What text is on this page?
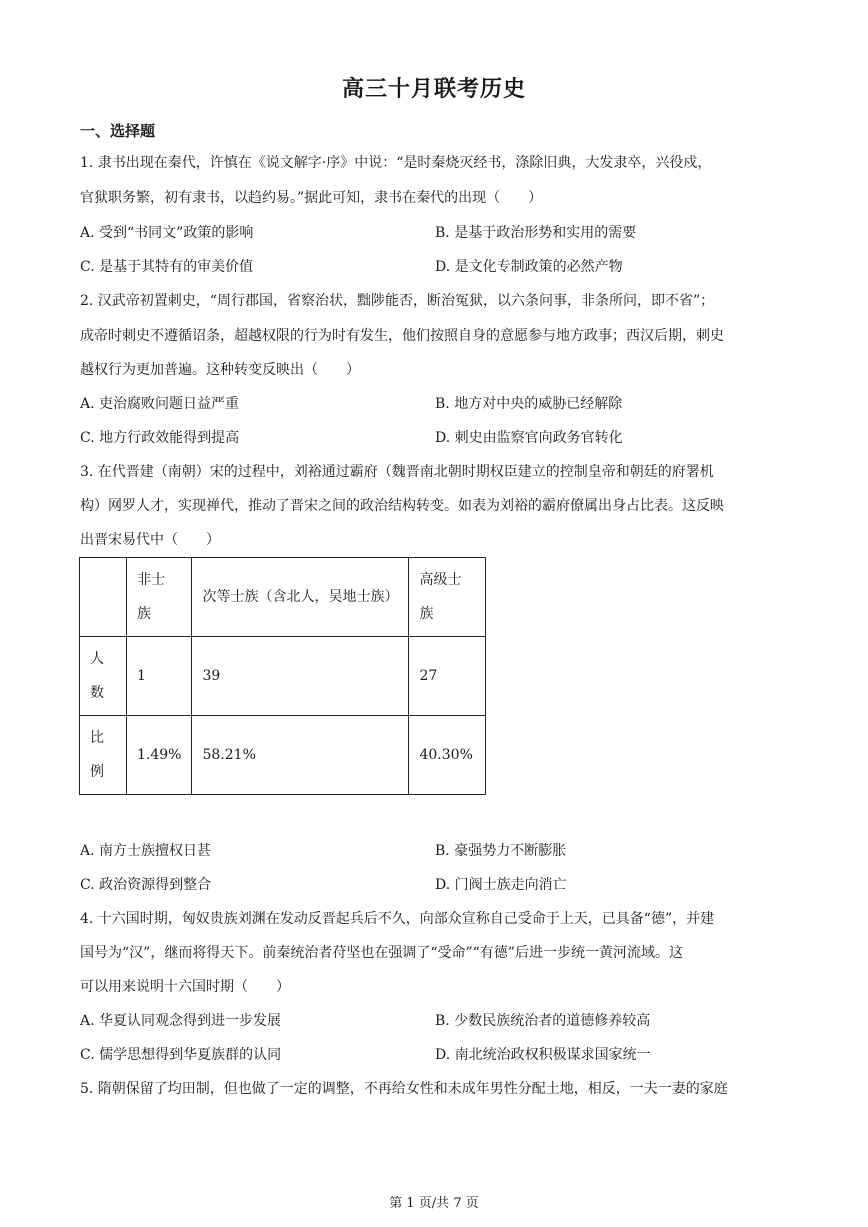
高三十月联考历史
一、选择题
1. 隶书出现在秦代，许慎在《说文解字·序》中说：“是时秦烧灭经书，涤除旧典，大发隶卒，兴役戍，
官狱职务繁，初有隶书，以趋约易。”据此可知，隶书在秦代的出现（　　）
A. 受到“书同文”政策的影响	B. 是基于政治形势和实用的需要
C. 是基于其特有的审美价值	D. 是文化专制政策的必然产物
2. 汉武帝初置刺史，“周行郡国，省察治状，黜陟能否，断治冤狱，以六条问事，非条所问，即不省”；
成帝时刺史不遵循诏条，超越权限的行为时有发生，他们按照自身的意愿参与地方政事；西汉后期，刺史
越权行为更加普遍。这种转变反映出（　　）
A. 吏治腐败问题日益严重	B. 地方对中央的威胁已经解除
C. 地方行政效能得到提高	D. 刺史由监察官向政务官转化
3. 在代晋建（南朝）宋的过程中，刘裕通过霸府（魏晋南北朝时期权臣建立的控制皇帝和朝廷的府署机
构）网罗人才，实现禅代，推动了晋宋之间的政治结构转变。如表为刘裕的霸府僚属出身占比表。这反映
出晋宋易代中（　　）

	非士族	次等士族（含北人，吴地士族）	高级士族

人数	1	39	27

比例	1.49%	58.21%	40.30%
A. 南方士族擅权日甚	B. 豪强势力不断膨胀
C. 政治资源得到整合	D. 门阀士族走向消亡
4. 十六国时期，匈奴贵族刘渊在发动反晋起兵后不久，向部众宣称自己受命于上天，已具备“德”，并建
国号为“汉”，继而将得天下。前秦统治者苻坚也在强调了“受命”“有德”后进一步统一黄河流域。这
可以用来说明十六国时期（　　）
A. 华夏认同观念得到进一步发展	B. 少数民族统治者的道德修养较高
C. 儒学思想得到华夏族群的认同	D. 南北统治政权积极谋求国家统一
5. 隋朝保留了均田制，但也做了一定的调整，不再给女性和未成年男性分配土地，相反，一夫一妻的家庭
第 1 页/共 7 页
